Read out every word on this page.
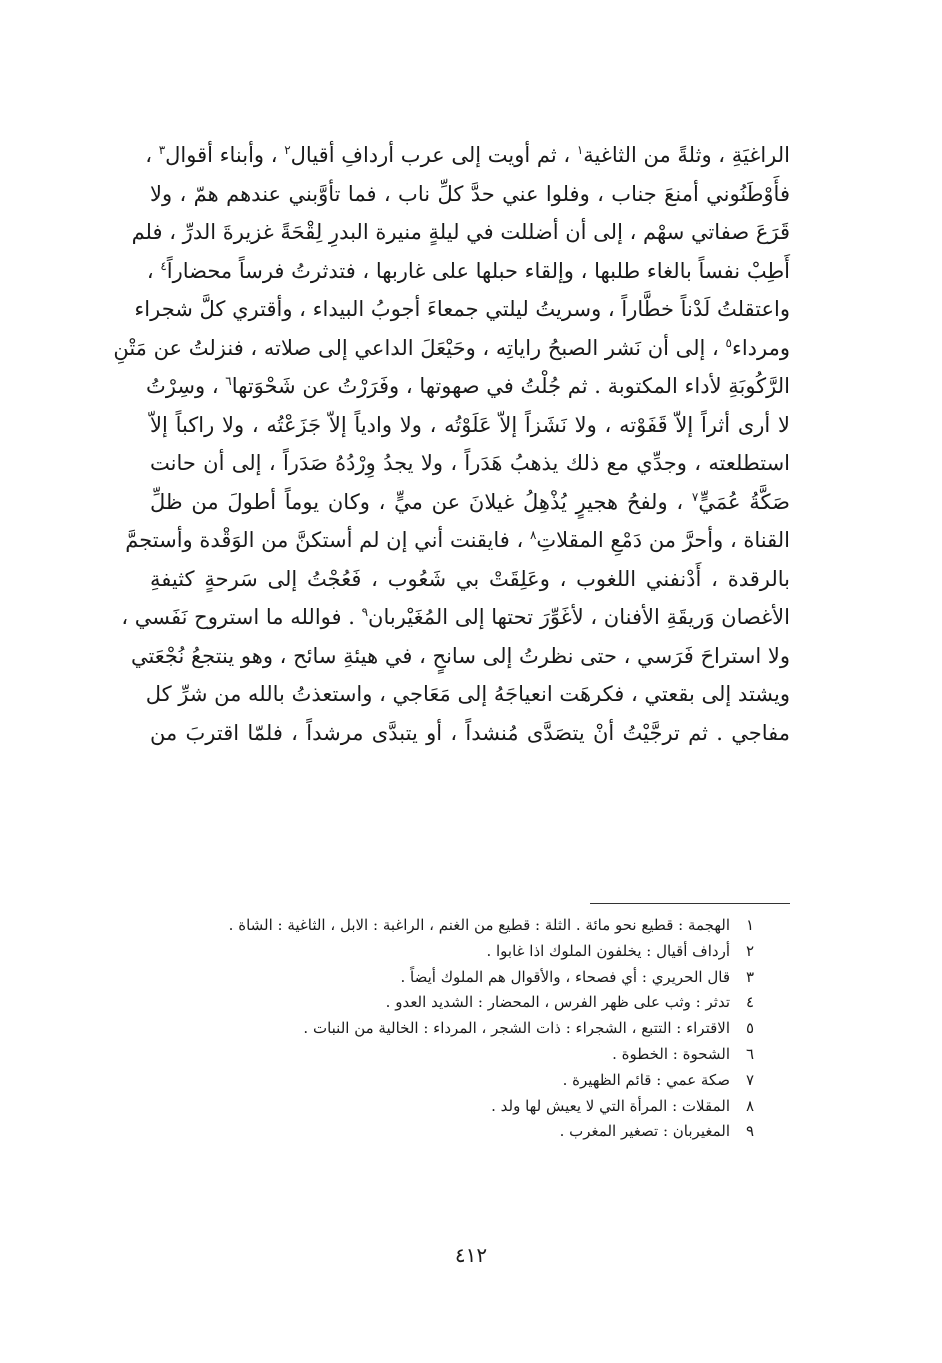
الراغيَةِ ، وثلةً من الثاغية$^١$ ، ثم أويت إلى عرب أردافِ أقيال$^٢$ ، وأبناء أقوال$^٣$ ،
فأَوْطَنُوني أمنعَ جناب ، وفلوا عني حدَّ كلِّ ناب ، فما تأوَّبني عندهم همّ ، ولا
قَرَعَ صفاتي سهْم ، إلى أن أضللت في ليلةٍ منيرة البدرِ لِقْحَةً غزيرةَ الدرِّ ، فلم
أَطِبْ نفساً بالغاء طلبها ، وإلقاء حبلها على غاربها ، فتدثرتُ فرساً محضاراً$^٤$ ،
واعتقلتُ لَدْناً خطَّاراً ، وسريتُ ليلتي جمعاءَ أجوبُ البيداء ، وأقتري كلَّ شجراء
ومرداء$^٥$ ، إلى أن نَشر الصبحُ راياتِه ، وحَيْعَلَ الداعي إلى صلاته ، فنزلتُ عن مَتْنِ
الرَّكُوبَةِ لأداء المكتوبة . ثم جُلْتُ في صهوتها ، وفَرَرْتُ عن شَحْوَتها$^٦$ ، وسِرْتُ
لا أرى أثراً إلاّ قَفَوْته ، ولا نَشَزاً إلاّ عَلَوْتُه ، ولا وادياً إلاّ جَزَعْتُه ، ولا راكباً إلاّ
استطلعته ، وجدِّي مع ذلك يذهبُ هَدَراً ، ولا يجدُ وِرْدُهُ صَدَراً ، إلى أن حانت
صَكَّةُ عُمَيٍّ$^٧$ ، ولفحُ هجيرٍ يُذْهِلُ غيلانَ عن ميٍّ ، وكان يوماً أطولَ من ظلِّ
القناة ، وأحرَّ من دَمْعِ المقلاتِ$^٨$ ، فايقنت أني إن لم أستكنَّ من الوَقْدة وأستجمَّ
بالرقدة ، أَدْنفني اللغوب ، وعَلِقَتْ بي شَعُوب ، فَعُجْتُ إلى سَرحةٍ كثيفةِ
الأغصان وَريقَةِ الأفنان ، لأغَوِّرَ تحتها إلى المُغَيْربان$^٩$ . فوالله ما استروح نَفَسي ،
ولا استراحَ فَرَسي ، حتى نظرتُ إلى سانحٍ ، في هيئةِ سائح ، وهو ينتجعُ نُجْعَتي
ويشتد إلى بقعتي ، فكرهَت انعياجَهُ إلى مَعَاجي ، واستعذتُ بالله من شرِّ كل
مفاجي . ثم ترجَّيْتُ أنْ يتصَدَّى مُنشداً ، أو يتبدَّى مرشداً ، فلمّا اقتربَ من
١الهجمة : قطيع نحو مائة . الثلة : قطيع من الغنم ، الراغبة : الابل ، الثاغية : الشاة .
٢أرداف أقيال : يخلفون الملوك اذا غابوا .
٣قال الحريري : أي فصحاء ، والأقوال هم الملوك أيضاً .
٤تدثر : وثب على ظهر الفرس ، المحضار : الشديد العدو .
٥الاقتراء : التتبع ، الشجراء : ذات الشجر ، المرداء : الخالية من النبات .
٦الشحوة : الخطوة .
٧صكة عمي : قائم الظهيرة .
٨المقلات : المرأة التي لا يعيش لها ولد .
٩المغيربان : تصغير المغرب .
٤١٢
